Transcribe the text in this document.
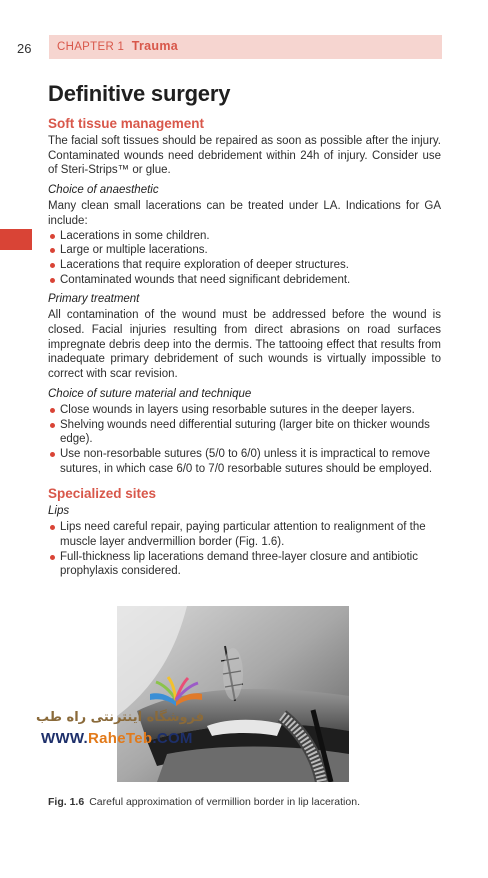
26 CHAPTER 1 Trauma
Definitive surgery
Soft tissue management

The facial soft tissues should be repaired as soon as possible after the injury. Contaminated wounds need debridement within 24h of injury. Consider use of Steri-Strips™ or glue.

Choice of anaesthetic

Many clean small lacerations can be treated under LA. Indications for GA include:

Lacerations in some children.
Large or multiple lacerations.
Lacerations that require exploration of deeper structures.
Contaminated wounds that need significant debridement.
Primary treatment

All contamination of the wound must be addressed before the wound is closed. Facial injuries resulting from direct abrasions on road surfaces impregnate debris deep into the dermis. The tattooing effect that results from inadequate primary debridement of such wounds is virtually impossible to correct with scar revision.

Choice of suture material and technique
Close wounds in layers using resorbable sutures in the deeper layers.
Shelving wounds need differential suturing (larger bite on thicker wounds edge).
Use non-resorbable sutures (5/0 to 6/0) unless it is impractical to remove sutures, in which case 6/0 to 7/0 resorbable sutures should be employed.
Specialized sites
Lips
Lips need careful repair, paying particular attention to realignment of the muscle layer andvermillion border (Fig. 1.6).
Full-thickness lip lacerations demand three-layer closure and antibiotic prophylaxis considered.
فروشگاه اینترنتی راه طب
WWW.RaheTeb.COM
Fig. 1.6 Careful approximation of vermillion border in lip laceration.
